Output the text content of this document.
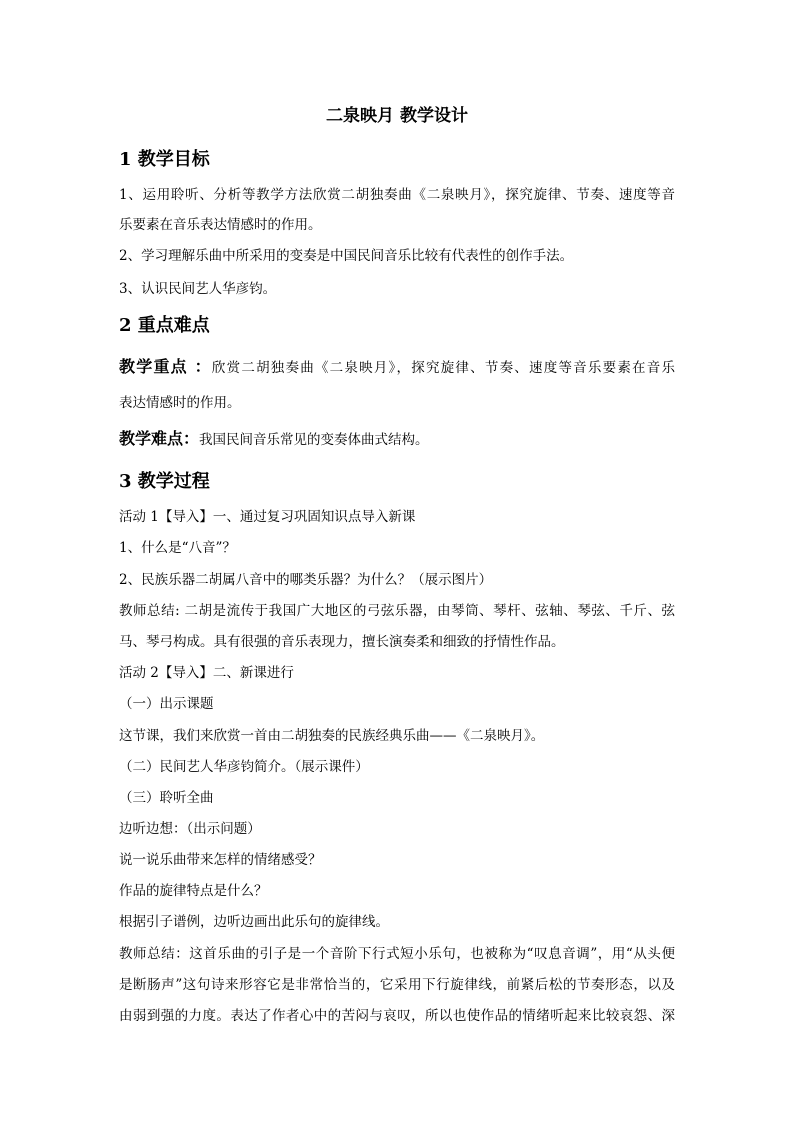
二泉映月 教学设计
1 教学目标
1、运用聆听、分析等教学方法欣赏二胡独奏曲《二泉映月》，探究旋律、节奏、速度等音
乐要素在音乐表达情感时的作用。
2、学习理解乐曲中所采用的变奏是中国民间音乐比较有代表性的创作手法。
3、认识民间艺人华彦钧。
2 重点难点
教学重点 ：欣赏二胡独奏曲《二泉映月》，探究旋律、节奏、速度等音乐要素在音乐
表达情感时的作用。
教学难点：我国民间音乐常见的变奏体曲式结构。
3 教学过程
活动 1【导入】一、通过复习巩固知识点导入新课
1、什么是“八音”？
2、民族乐器二胡属八音中的哪类乐器？为什么？（展示图片）
教师总结: 二胡是流传于我国广大地区的弓弦乐器，由琴筒、琴杆、弦轴、琴弦、千斤、弦
马、琴弓构成。具有很强的音乐表现力，擅长演奏柔和细致的抒情性作品。
活动 2【导入】二、新课进行
（一）出示课题
这节课，我们来欣赏一首由二胡独奏的民族经典乐曲——《二泉映月》。
（二）民间艺人华彦钧简介。（展示课件）
（三）聆听全曲
边听边想：（出示问题）
说一说乐曲带来怎样的情绪感受？
作品的旋律特点是什么？
根据引子谱例，边听边画出此乐句的旋律线。
教师总结：这首乐曲的引子是一个音阶下行式短小乐句，也被称为“叹息音调”，用“从头便
是断肠声”这句诗来形容它是非常恰当的，它采用下行旋律线，前紧后松的节奏形态，以及
由弱到强的力度。表达了作者心中的苦闷与哀叹，所以也使作品的情绪听起来比较哀怨、深
